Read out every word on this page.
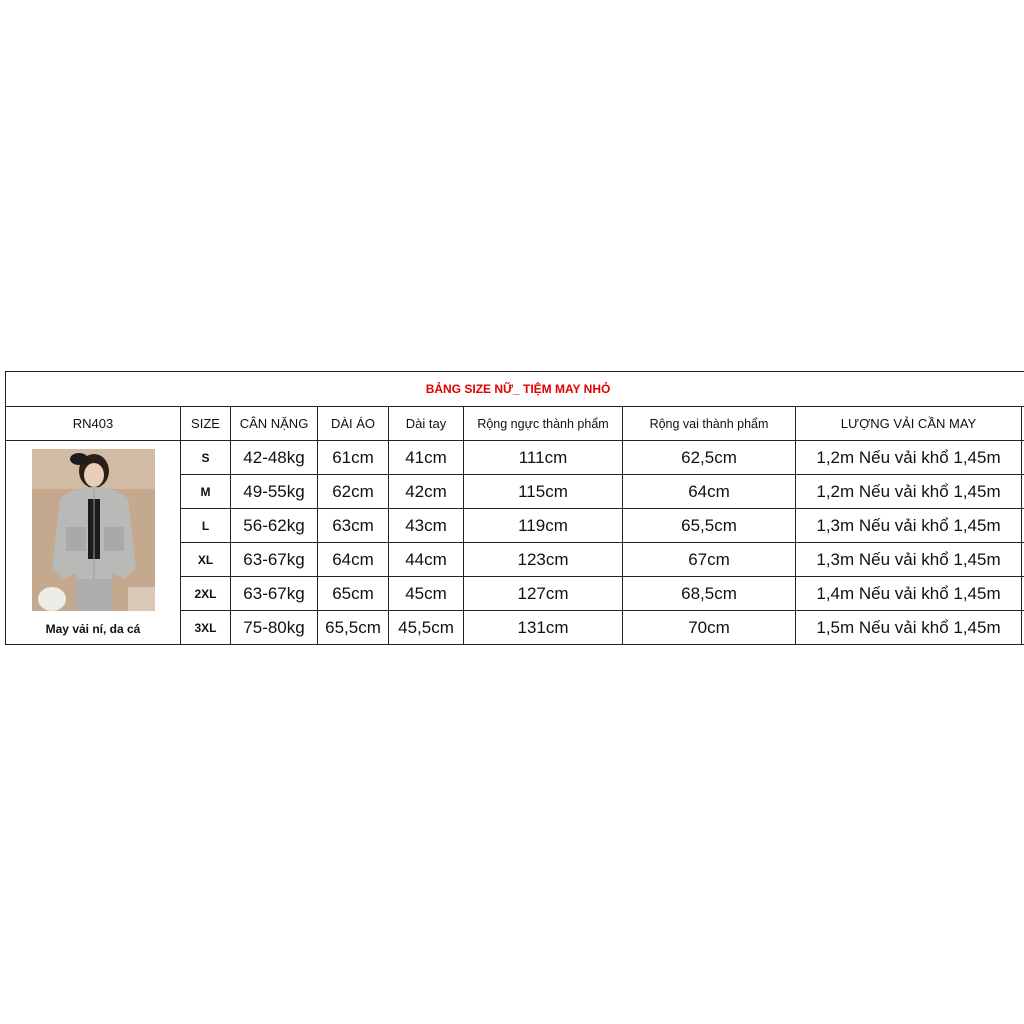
BẢNG SIZE NỮ_ TIỆM MAY NHỎ								
RN403	SIZE	CÂN NẶNG	DÀI ÁO	Dài tay	Rộng ngực thành phẩm	Rộng vai thành phẩm	LƯỢNG VẢI CẦN MAY	

May vải ní, da cá	S	42-48kg	61cm	41cm	111cm	62,5cm	1,2m Nếu vải khổ 1,45m	
	M	49-55kg	62cm	42cm	115cm	64cm	1,2m Nếu vải khổ 1,45m	
	L	56-62kg	63cm	43cm	119cm	65,5cm	1,3m Nếu vải khổ 1,45m	
	XL	63-67kg	64cm	44cm	123cm	67cm	1,3m Nếu vải khổ 1,45m	
	2XL	63-67kg	65cm	45cm	127cm	68,5cm	1,4m Nếu vải khổ 1,45m	
	3XL	75-80kg	65,5cm	45,5cm	131cm	70cm	1,5m Nếu vải khổ 1,45m	
